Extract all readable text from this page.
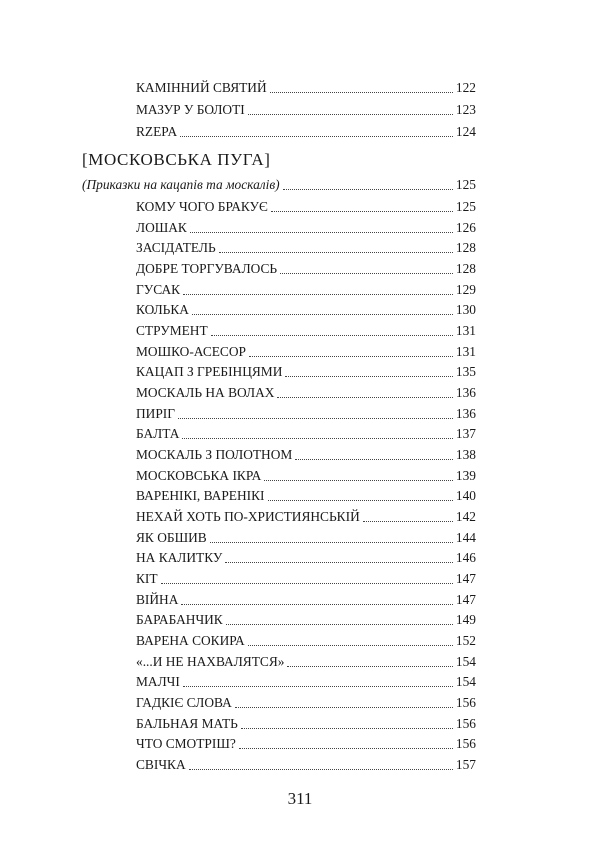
КАМІННИЙ СВЯТИЙ	122
МАЗУР У БОЛОТІ	123
RZEPA	124
[МОСКОВСЬКА ПУГА]
(Приказки на кацапів та москалів)	125
КОМУ ЧОГО БРАКУЄ	125
ЛОШАК	126
ЗАСІДАТЕЛЬ	128
ДОБРЕ ТОРГУВАЛОСЬ	128
ГУСАК	129
КОЛЬКА	130
СТРУМЕНТ	131
МОШКО-АСЕСОР	131
КАЦАП З ГРЕБІНЦЯМИ	135
МОСКАЛЬ НА ВОЛАХ	136
ПИРІГ	136
БАЛТА	137
МОСКАЛЬ З ПОЛОТНОМ	138
МОСКОВСЬКА ІКРА	139
ВАРЕНІКІ, ВАРЕНІКІ	140
НЕХАЙ ХОТЬ ПО-ХРИСТИЯНСЬКІЙ	142
ЯК ОБШИВ	144
НА КАЛИТКУ	146
КІТ	147
ВІЙНА	147
БАРАБАНЧИК	149
ВАРЕНА СОКИРА	152
«...И НЕ НАХВАЛЯТСЯ»	154
МАЛЧІ	154
ГАДКІЄ СЛОВА	156
БАЛЬНАЯ МАТЬ	156
ЧТО СМОТРІШ?	156
СВІЧКА	157
311
